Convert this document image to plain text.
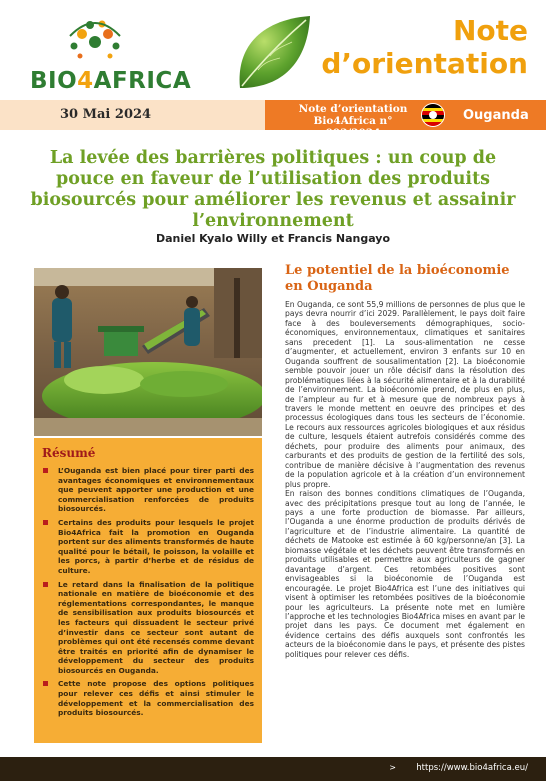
BIO4AFRICA
Note
d’orientation
30 Mai 2024	Note d’orientation
Bio4Africa n° 003/2024
Ouganda
La levée des barrières politiques : un coup de pouce en faveur de l’utilisation des produits biosourcés pour améliorer les revenus et assainir l’environnement
Daniel Kyalo Willy et Francis Nangayo
Résumé
L’Ouganda est bien placé pour tirer parti des avantages économiques et environnementaux que peuvent apporter une production et une commercialisation renforcées de produits biosourcés.
Certains des produits pour lesquels le projet Bio4Africa fait la promotion en Ouganda portent sur des aliments transformés de haute qualité pour le bétail, le poisson, la volaille et les porcs, à partir d’herbe et de résidus de culture.
Le retard dans la finalisation de la politique nationale en matière de bioéconomie et des réglementations correspondantes, le manque de sensibilisation aux produits biosourcés et les facteurs qui dissuadent le secteur privé d’investir dans ce secteur sont autant de problèmes qui ont été recensés comme devant être traités en priorité afin de dynamiser le développement du secteur des produits biosourcés en Ouganda.
Cette note propose des options politiques pour relever ces défis et ainsi stimuler le développement et la commercialisation des produits biosourcés.
Le potentiel de la bioéconomie en Ouganda

En Ouganda, ce sont 55,9 millions de personnes de plus que le pays devra nourrir d’ici 2029. Parallèlement, le pays doit faire face à des bouleversements démographiques, socio-économiques, environnementaux, climatiques et sanitaires sans precedent [1]. La sous-alimentation ne cesse d’augmenter, et actuellement, environ 3 enfants sur 10 en Ouganda souffrent de sousalimentation [2]. La bioéconomie semble pouvoir jouer un rôle décisif dans la résolution des problématiques liées à la sécurité alimentaire et à la durabilité de l’environnement. La bioéconomie prend, de plus en plus, de l’ampleur au fur et à mesure que de nombreux pays à travers le monde mettent en oeuvre des principes et des processus écologiques dans tous les secteurs de l’économie. Le recours aux ressources agricoles biologiques et aux résidus de culture, lesquels étaient autrefois considérés comme des déchets, pour produire des aliments pour animaux, des carburants et des produits de gestion de la fertilité des sols, contribue de manière décisive à l’augmentation des revenus de la population agricole et à la création d’un environnement plus propre.

En raison des bonnes conditions climatiques de l’Ouganda, avec des précipitations presque tout au long de l’année, le pays a une forte production de biomasse. Par ailleurs, l’Ouganda a une énorme production de produits dérivés de l’agriculture et de l’industrie alimentaire. La quantité de déchets de Matooke est estimée à 60 kg/personne/an [3]. La biomasse végétale et les déchets peuvent être transformés en produits utilisables et permettre aux agriculteurs de gagner davantage d’argent. Ces retombées positives sont envisageables si la bioéconomie de l’Ouganda est encouragée. Le projet Bio4Africa est l’une des initiatives qui visent à optimiser les retombées positives de la bioéconomie pour les agriculteurs. La présente note met en lumière l’approche et les technologies Bio4Africa mises en avant par le projet dans les pays. Ce document met également en évidence certains des défis auxquels sont confrontés les acteurs de la bioéconomie dans le pays, et présente des pistes politiques pour relever ces défis.

> https://www.bio4africa.eu/
